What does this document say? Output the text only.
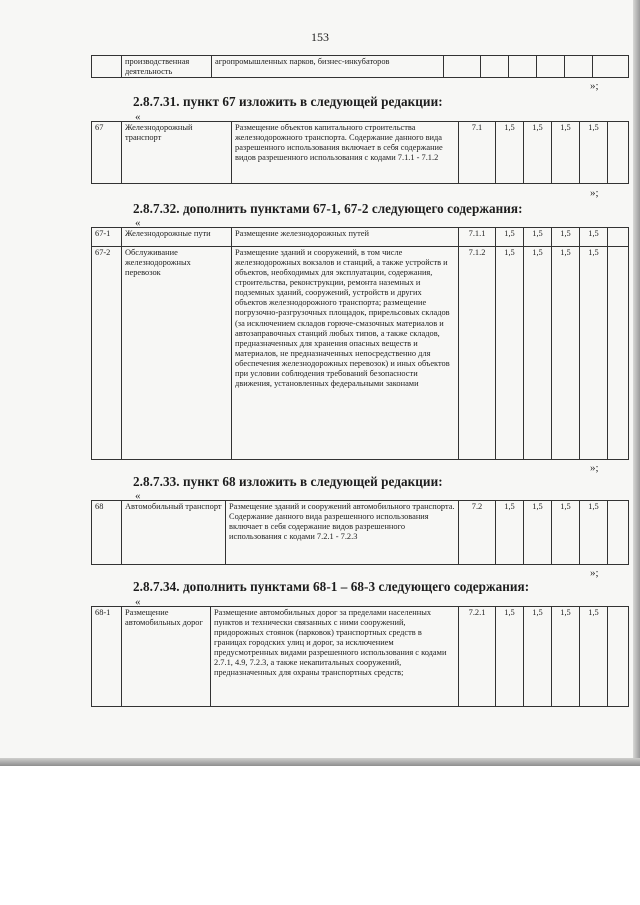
153
	производственная деятельность	агропромышленных парков, бизнес-инкубаторов						
»;
2.8.7.31. пункт 67 изложить в следующей редакции:
«
67	Железнодорожный транспорт	Размещение объектов капитального строительства железнодорожного транспорта. Содержание данного вида разрешенного использования включает в себя содержание видов разрешенного использования с кодами 7.1.1 - 7.1.2	7.1	1,5	1,5	1,5	1,5	
»;
2.8.7.32. дополнить пунктами 67-1, 67-2 следующего содержания:
«
67-1	Железнодорожные пути	Размещение железнодорожных путей	7.1.1	1,5	1,5	1,5	1,5	
67-2	Обслуживание железнодорожных перевозок	Размещение зданий и сооружений, в том числе железнодорожных вокзалов и станций, а также устройств и объектов, необходимых для эксплуатации, содержания, строительства, реконструкции, ремонта наземных и подземных зданий, сооружений, устройств и других объектов железнодорожного транспорта; размещение погрузочно-разгрузочных площадок, прирельсовых складов (за исключением складов горюче-смазочных материалов и автозаправочных станций любых типов, а также складов, предназначенных для хранения опасных веществ и материалов, не предназначенных непосредственно для обеспечения железнодорожных перевозок) и иных объектов при условии соблюдения требований безопасности движения, установленных федеральными законами	7.1.2	1,5	1,5	1,5	1,5	
»;
2.8.7.33. пункт 68 изложить в следующей редакции:
«
68	Автомобильный транспорт	Размещение зданий и сооружений автомобильного транспорта. Содержание данного вида разрешенного использования включает в себя содержание видов разрешенного использования с кодами 7.2.1 - 7.2.3	7.2	1,5	1,5	1,5	1,5	
»;
2.8.7.34. дополнить пунктами 68-1 – 68-3 следующего содержания:
«
68-1	Размещение автомобильных дорог	Размещение автомобильных дорог за пределами населенных пунктов и технически связанных с ними сооружений, придорожных стоянок (парковок) транспортных средств в границах городских улиц и дорог, за исключением предусмотренных видами разрешенного использования с кодами 2.7.1, 4.9, 7.2.3, а также некапитальных сооружений, предназначенных для охраны транспортных средств;	7.2.1	1,5	1,5	1,5	1,5	
